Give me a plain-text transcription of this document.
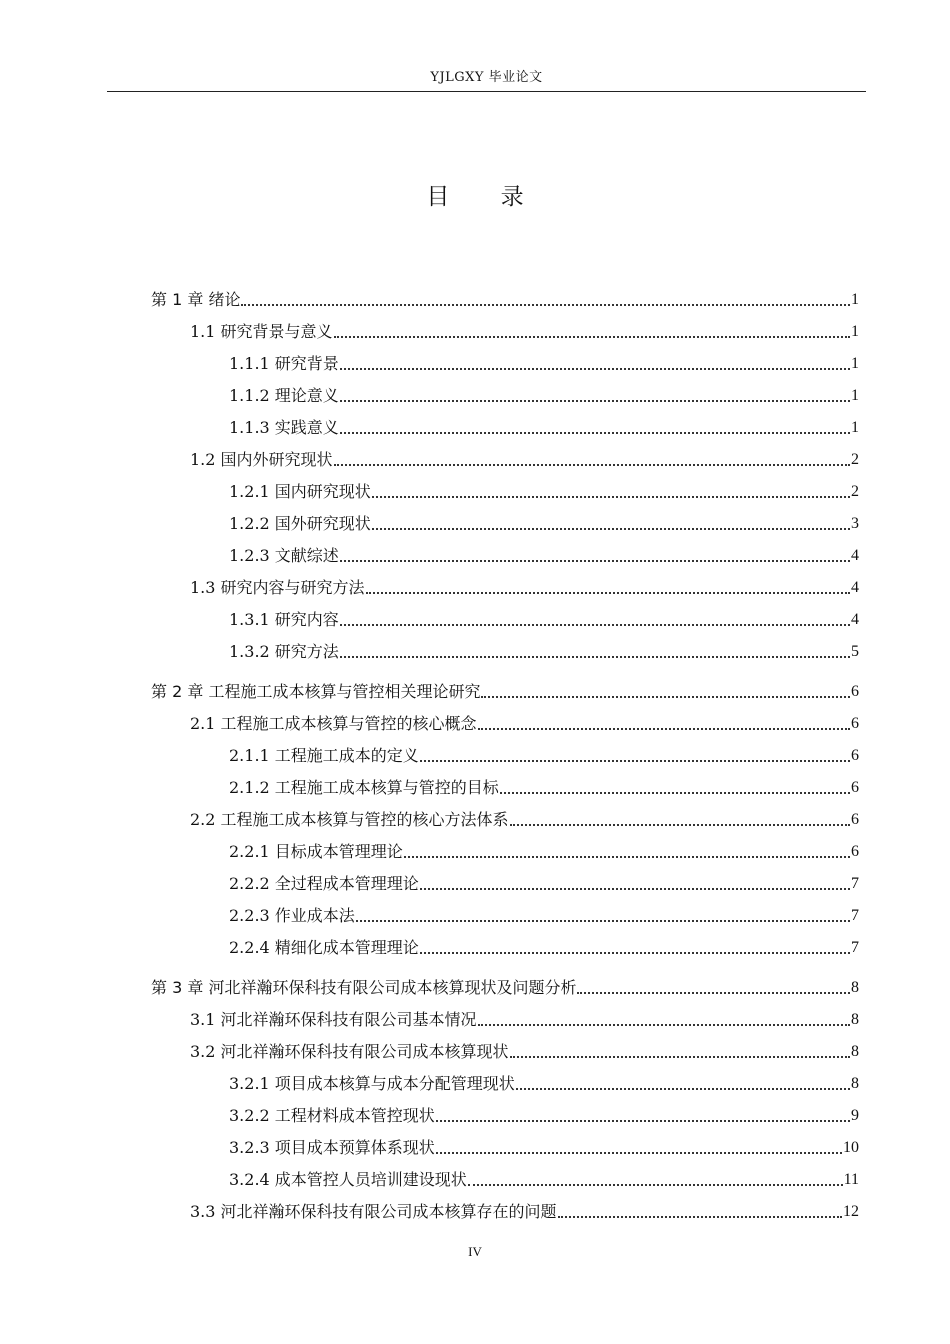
YJLGXY 毕业论文
目 录
第 1 章 绪论	1
1.1 研究背景与意义	1
1.1.1 研究背景	1
1.1.2 理论意义	1
1.1.3 实践意义	1
1.2 国内外研究现状	2
1.2.1 国内研究现状	2
1.2.2 国外研究现状	3
1.2.3 文献综述	4
1.3 研究内容与研究方法	4
1.3.1 研究内容	4
1.3.2 研究方法	5
第 2 章 工程施工成本核算与管控相关理论研究	6
2.1 工程施工成本核算与管控的核心概念	6
2.1.1 工程施工成本的定义	6
2.1.2 工程施工成本核算与管控的目标	6
2.2 工程施工成本核算与管控的核心方法体系	6
2.2.1 目标成本管理理论	6
2.2.2 全过程成本管理理论	7
2.2.3 作业成本法	7
2.2.4 精细化成本管理理论	7
第 3 章 河北祥瀚环保科技有限公司成本核算现状及问题分析	8
3.1 河北祥瀚环保科技有限公司基本情况	8
3.2 河北祥瀚环保科技有限公司成本核算现状	8
3.2.1 项目成本核算与成本分配管理现状	8
3.2.2 工程材料成本管控现状	9
3.2.3 项目成本预算体系现状	10
3.2.4 成本管控人员培训建设现状	11
3.3 河北祥瀚环保科技有限公司成本核算存在的问题	12
IV
